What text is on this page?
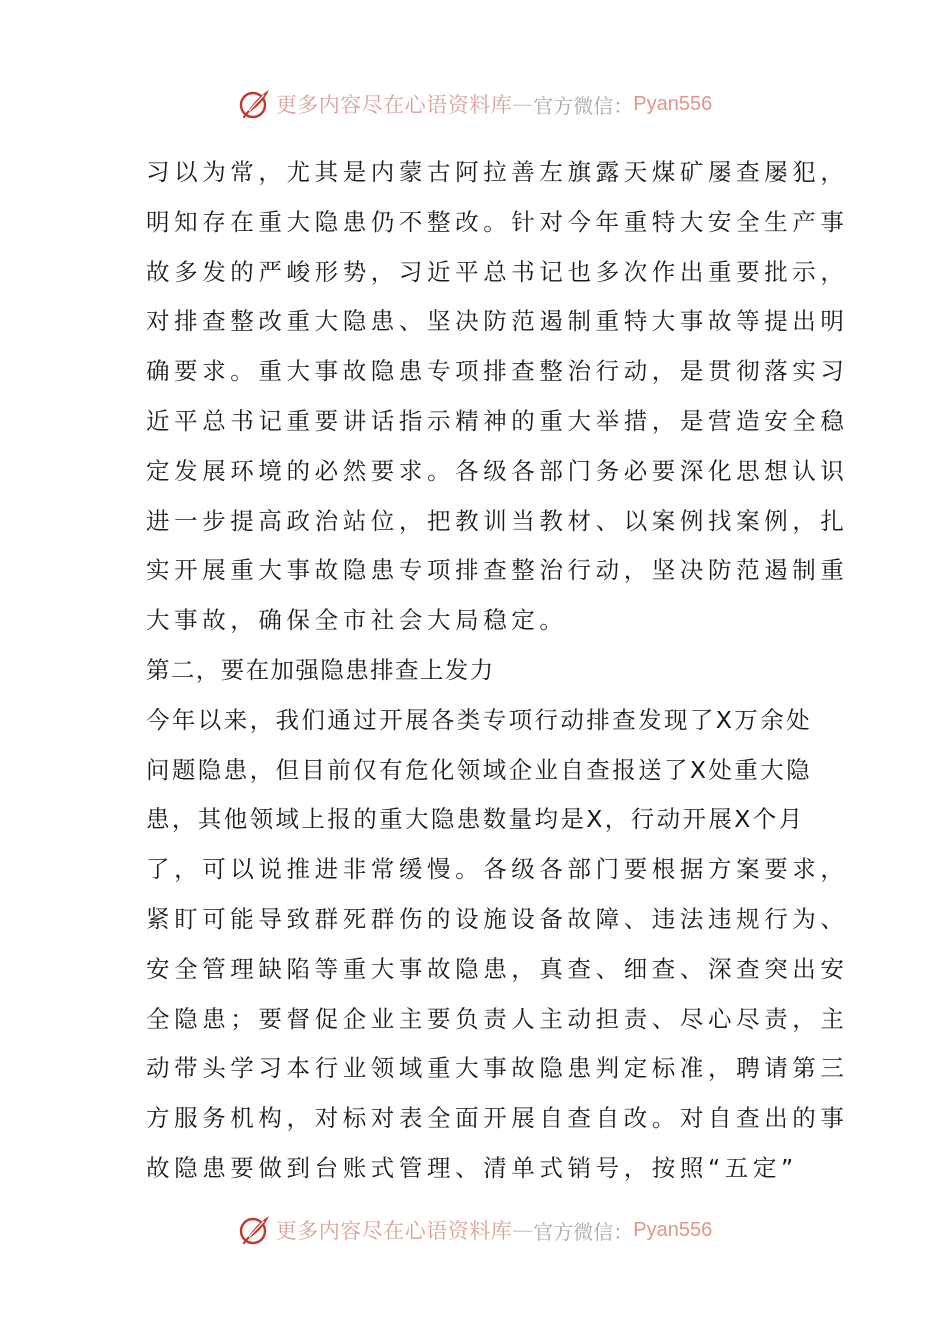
更多内容尽在心语资料库 — 官方微信： Pyan556
习以为常，尤其是内蒙古阿拉善左旗露天煤矿屡查屡犯，
明知存在重大隐患仍不整改。针对今年重特大安全生产事
故多发的严峻形势，习近平总书记也多次作出重要批示，
对排查整改重大隐患、坚决防范遏制重特大事故等提出明
确要求。重大事故隐患专项排查整治行动，是贯彻落实习
近平总书记重要讲话指示精神的重大举措，是营造安全稳
定发展环境的必然要求。各级各部门务必要深化思想认识
进一步提高政治站位，把教训当教材、以案例找案例，扎
实开展重大事故隐患专项排查整治行动，坚决防范遏制重
大事故，确保全市社会大局稳定。
第二，要在加强隐患排查上发力
今年以来，我们通过开展各类专项行动排查发现了X万余处
问题隐患，但目前仅有危化领域企业自查报送了X处重大隐
患，其他领域上报的重大隐患数量均是X，行动开展X个月
了，可以说推进非常缓慢。各级各部门要根据方案要求，
紧盯可能导致群死群伤的设施设备故障、违法违规行为、
安全管理缺陷等重大事故隐患，真查、细查、深查突出安
全隐患；要督促企业主要负责人主动担责、尽心尽责，主
动带头学习本行业领域重大事故隐患判定标准，聘请第三
方服务机构，对标对表全面开展自查自改。对自查出的事
故隐患要做到台账式管理、清单式销号，按照“五定”
更多内容尽在心语资料库 — 官方微信： Pyan556
